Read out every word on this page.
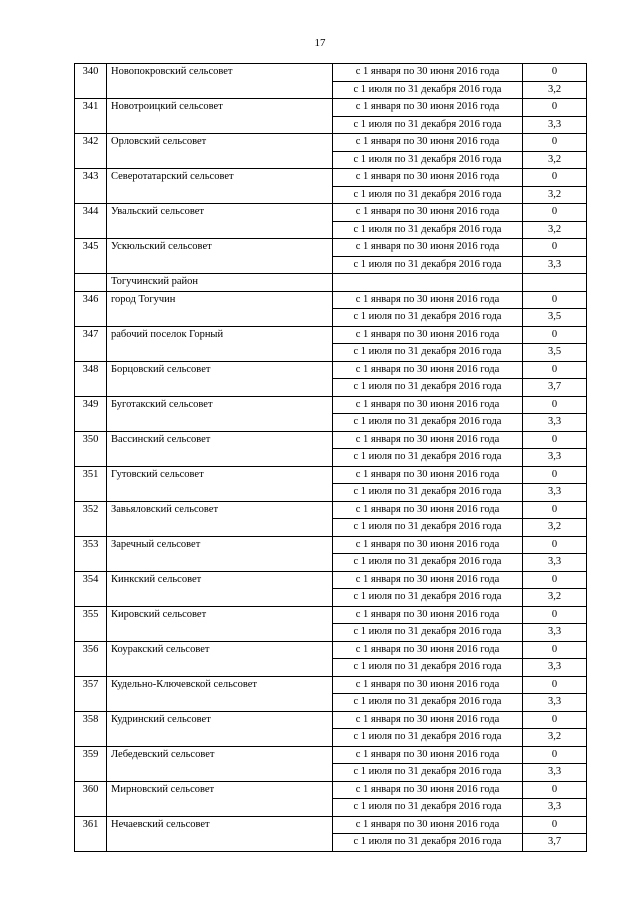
17
340	Новопокровский сельсовет	с 1 января по 30 июня 2016 года	0
		с 1 июля по 31 декабря 2016 года	3,2
341	Новотроицкий сельсовет	с 1 января по 30 июня 2016 года	0
		с 1 июля по 31 декабря 2016 года	3,3
342	Орловский сельсовет	с 1 января по 30 июня 2016 года	0
		с 1 июля по 31 декабря 2016 года	3,2
343	Северотатарский сельсовет	с 1 января по 30 июня 2016 года	0
		с 1 июля по 31 декабря 2016 года	3,2
344	Увальский сельсовет	с 1 января по 30 июня 2016 года	0
		с 1 июля по 31 декабря 2016 года	3,2
345	Ускюльский сельсовет	с 1 января по 30 июня 2016 года	0
		с 1 июля по 31 декабря 2016 года	3,3
	Тогучинский район		
346	город Тогучин	с 1 января по 30 июня 2016 года	0
		с 1 июля по 31 декабря 2016 года	3,5
347	рабочий поселок Горный	с 1 января по 30 июня 2016 года	0
		с 1 июля по 31 декабря 2016 года	3,5
348	Борцовский сельсовет	с 1 января по 30 июня 2016 года	0
		с 1 июля по 31 декабря 2016 года	3,7
349	Буготакский сельсовет	с 1 января по 30 июня 2016 года	0
		с 1 июля по 31 декабря 2016 года	3,3
350	Вассинский сельсовет	с 1 января по 30 июня 2016 года	0
		с 1 июля по 31 декабря 2016 года	3,3
351	Гутовский сельсовет	с 1 января по 30 июня 2016 года	0
		с 1 июля по 31 декабря 2016 года	3,3
352	Завьяловский сельсовет	с 1 января по 30 июня 2016 года	0
		с 1 июля по 31 декабря 2016 года	3,2
353	Заречный сельсовет	с 1 января по 30 июня 2016 года	0
		с 1 июля по 31 декабря 2016 года	3,3
354	Кинкский сельсовет	с 1 января по 30 июня 2016 года	0
		с 1 июля по 31 декабря 2016 года	3,2
355	Кировский сельсовет	с 1 января по 30 июня 2016 года	0
		с 1 июля по 31 декабря 2016 года	3,3
356	Коуракский сельсовет	с 1 января по 30 июня 2016 года	0
		с 1 июля по 31 декабря 2016 года	3,3
357	Кудельно-Ключевской сельсовет	с 1 января по 30 июня 2016 года	0
		с 1 июля по 31 декабря 2016 года	3,3
358	Кудринский сельсовет	с 1 января по 30 июня 2016 года	0
		с 1 июля по 31 декабря 2016 года	3,2
359	Лебедевский сельсовет	с 1 января по 30 июня 2016 года	0
		с 1 июля по 31 декабря 2016 года	3,3
360	Мирновский сельсовет	с 1 января по 30 июня 2016 года	0
		с 1 июля по 31 декабря 2016 года	3,3
361	Нечаевский сельсовет	с 1 января по 30 июня 2016 года	0
		с 1 июля по 31 декабря 2016 года	3,7
